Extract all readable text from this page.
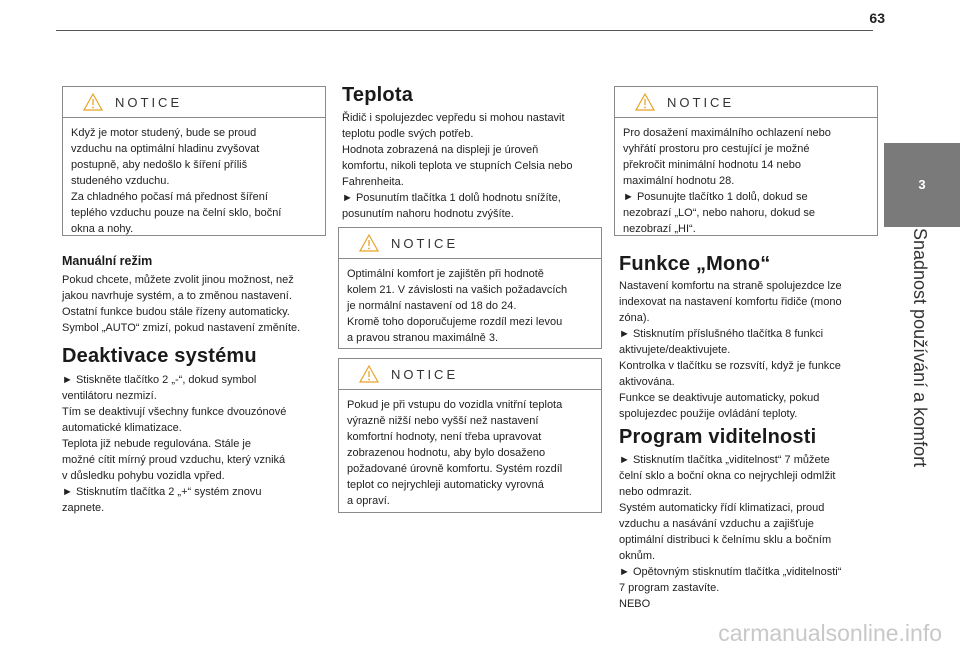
63
3
Snadnost používání a komfort
NOTICE
Když je motor studený, bude se proud
vzduchu na optimální hladinu zvyšovat
postupně, aby nedošlo k šíření příliš
studeného vzduchu.
Za chladného počasí má přednost šíření
teplého vzduchu pouze na čelní sklo, boční
okna a nohy.
Manuální režim
Pokud chcete, můžete zvolit jinou možnost, než
jakou navrhuje systém, a to změnou nastavení.
Ostatní funkce budou stále řízeny automaticky.
Symbol „AUTO“ zmizí, pokud nastavení změníte.
Deaktivace systému
► Stiskněte tlačítko 2 „-“, dokud symbol
ventilátoru nezmizí.
Tím se deaktivují všechny funkce dvouzónové
automatické klimatizace.
Teplota již nebude regulována. Stále je
možné cítit mírný proud vzduchu, který vzniká
v důsledku pohybu vozidla vpřed.
► Stisknutím tlačítka 2 „+“ systém znovu
zapnete.
Teplota
Řidič i spolujezdec vepředu si mohou nastavit
teplotu podle svých potřeb.
Hodnota zobrazená na displeji je úroveň
komfortu, nikoli teplota ve stupních Celsia nebo
Fahrenheita.
► Posunutím tlačítka 1 dolů hodnotu snížíte,
posunutím nahoru hodnotu zvýšíte.
NOTICE
Optimální komfort je zajištěn při hodnotě
kolem 21. V závislosti na vašich požadavcích
je normální nastavení od 18 do 24.
Kromě toho doporučujeme rozdíl mezi levou
a pravou stranou maximálně 3.
NOTICE
Pokud je při vstupu do vozidla vnitřní teplota
výrazně nižší nebo vyšší než nastavení
komfortní hodnoty, není třeba upravovat
zobrazenou hodnotu, aby bylo dosaženo
požadované úrovně komfortu. Systém rozdíl
teplot co nejrychleji automaticky vyrovná
a opraví.
NOTICE
Pro dosažení maximálního ochlazení nebo
vyhřátí prostoru pro cestující je možné
překročit minimální hodnotu 14 nebo
maximální hodnotu 28.
► Posunujte tlačítko 1 dolů, dokud se
nezobrazí „LO“, nebo nahoru, dokud se
nezobrazí „HI“.
Funkce „Mono“
Nastavení komfortu na straně spolujezdce lze
indexovat na nastavení komfortu řidiče (mono
zóna).
► Stisknutím příslušného tlačítka 8 funkci
aktivujete/deaktivujete.
Kontrolka v tlačítku se rozsvítí, když je funkce
aktivována.
Funkce se deaktivuje automaticky, pokud
spolujezdec použije ovládání teploty.
Program viditelnosti
► Stisknutím tlačítka „viditelnost“ 7 můžete
čelní sklo a boční okna co nejrychleji odmlžit
nebo odmrazit.
Systém automaticky řídí klimatizaci, proud
vzduchu a nasávání vzduchu a zajišťuje
optimální distribuci k čelnímu sklu a bočním
oknům.
► Opětovným stisknutím tlačítka „viditelnosti“
7 program zastavíte.
NEBO
carmanualsonline.info
